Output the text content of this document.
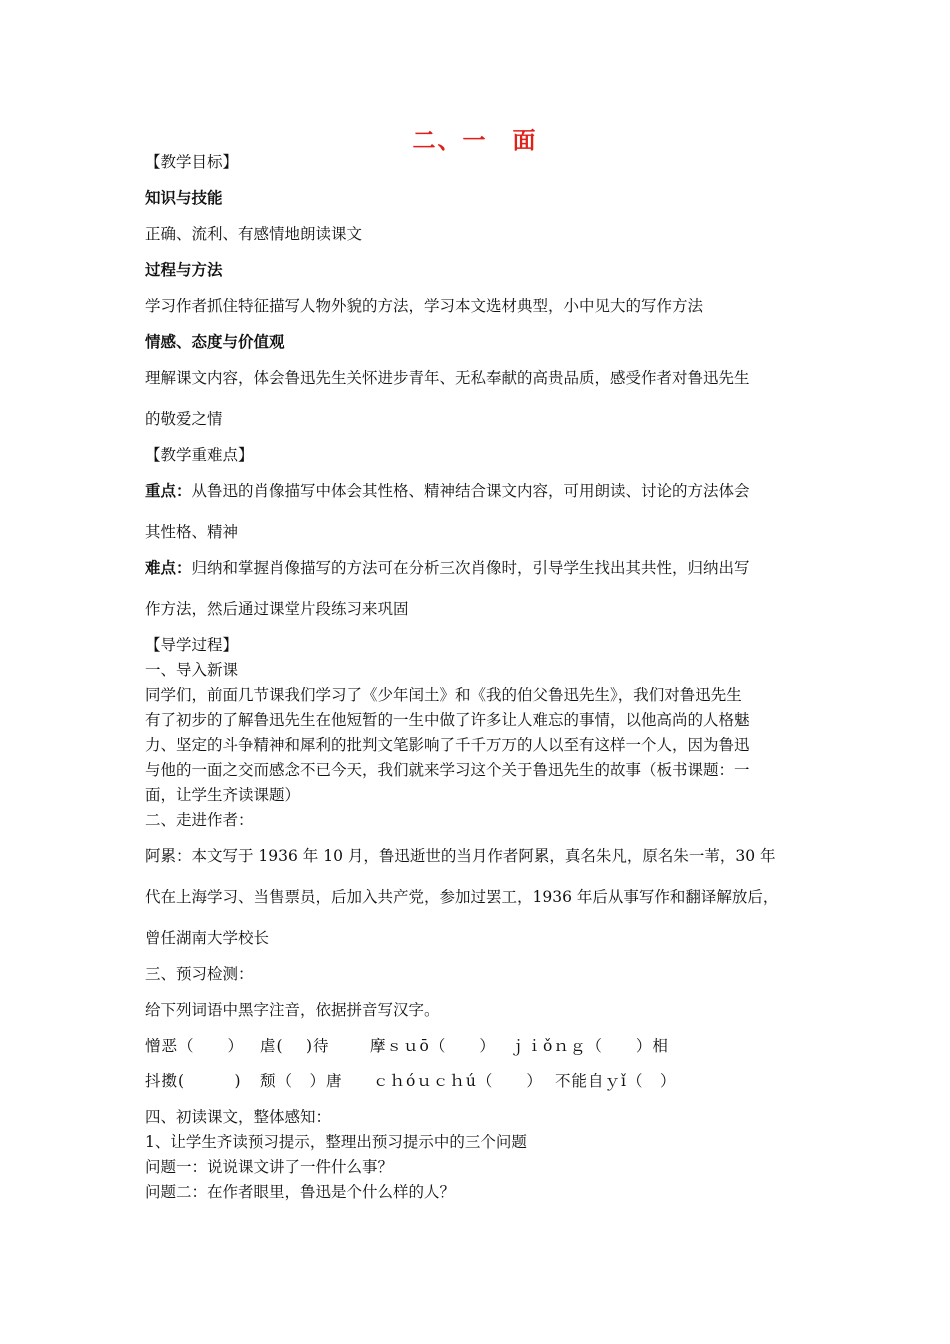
二、一　面
【教学目标】
知识与技能
正确、流利、有感情地朗读课文
过程与方法
学习作者抓住特征描写人物外貌的方法，学习本文选材典型，小中见大的写作方法
情感、态度与价值观
理解课文内容，体会鲁迅先生关怀进步青年、无私奉献的高贵品质，感受作者对鲁迅先生
的敬爱之情
【教学重难点】
重点：从鲁迅的肖像描写中体会其性格、精神结合课文内容，可用朗读、讨论的方法体会
其性格、精神
难点：归纳和掌握肖像描写的方法可在分析三次肖像时，引导学生找出其共性，归纳出写
作方法，然后通过课堂片段练习来巩固
【导学过程】
一、导入新课
同学们，前面几节课我们学习了《少年闰土》和《我的伯父鲁迅先生》，我们对鲁迅先生
有了初步的了解鲁迅先生在他短暂的一生中做了许多让人难忘的事情，以他高尚的人格魅
力、坚定的斗争精神和犀利的批判文笔影响了千千万万的人以至有这样一个人，因为鲁迅
与他的一面之交而感念不已今天，我们就来学习这个关于鲁迅先生的故事（板书课题：一
面，让学生齐读课题）
二、走进作者：
阿累：本文写于 1936 年 10 月，鲁迅逝世的当月作者阿累，真名朱凡，原名朱一苇，30 年
代在上海学习、当售票员，后加入共产党，参加过罢工，1936 年后从事写作和翻译解放后，
曾任湖南大学校长
三、预习检测：
给下列词语中黑字注音，依据拼音写汉字。
憎恶（　　） 虐(　 )待	摩ｓｕō（　　） ｊｉǒｎｇ（　　）相
抖擞(　　　) 颓（　）唐 ｃｈóｕｃｈú（　　） 不能自ｙǐ（　）
四、初读课文，整体感知：
1、让学生齐读预习提示，整理出预习提示中的三个问题
问题一：说说课文讲了一件什么事？
问题二：在作者眼里，鲁迅是个什么样的人？
